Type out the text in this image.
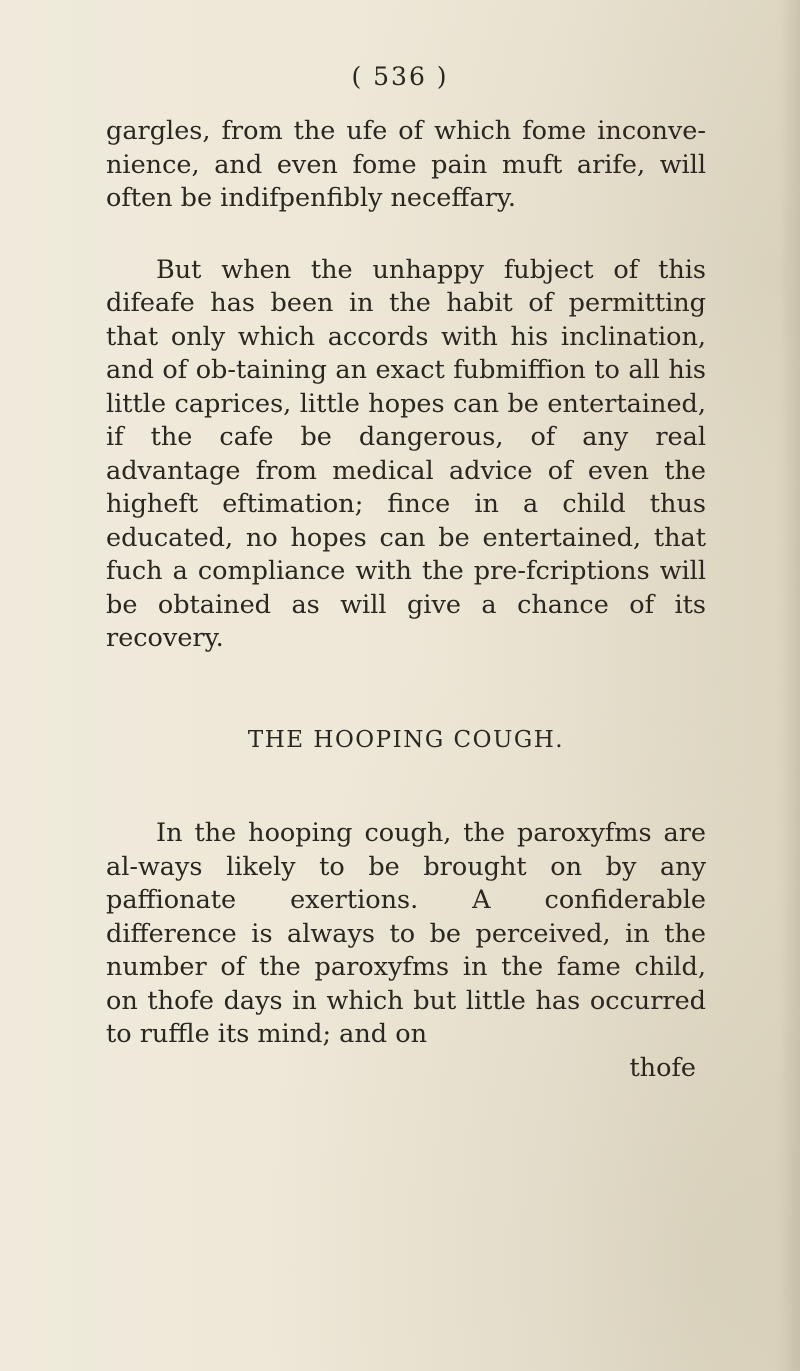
( 536 )

gargles, from the ufe of which fome inconve-nience, and even fome pain muft arife, will often be indifpenfibly neceffary.

But when the unhappy fubject of this difeafe has been in the habit of permitting that only which accords with his inclination, and of ob-taining an exact fubmiffion to all his little caprices, little hopes can be entertained, if the cafe be dangerous, of any real advantage from medical advice of even the higheft eftimation; fince in a child thus educated, no hopes can be entertained, that fuch a compliance with the pre-fcriptions will be obtained as will give a chance of its recovery.

THE HOOPING COUGH.

In the hooping cough, the paroxyfms are al-ways likely to be brought on by any paffionate exertions. A confiderable difference is always to be perceived, in the number of the paroxyfms in the fame child, on thofe days in which but little has occurred to ruffle its mind; and on

thofe
